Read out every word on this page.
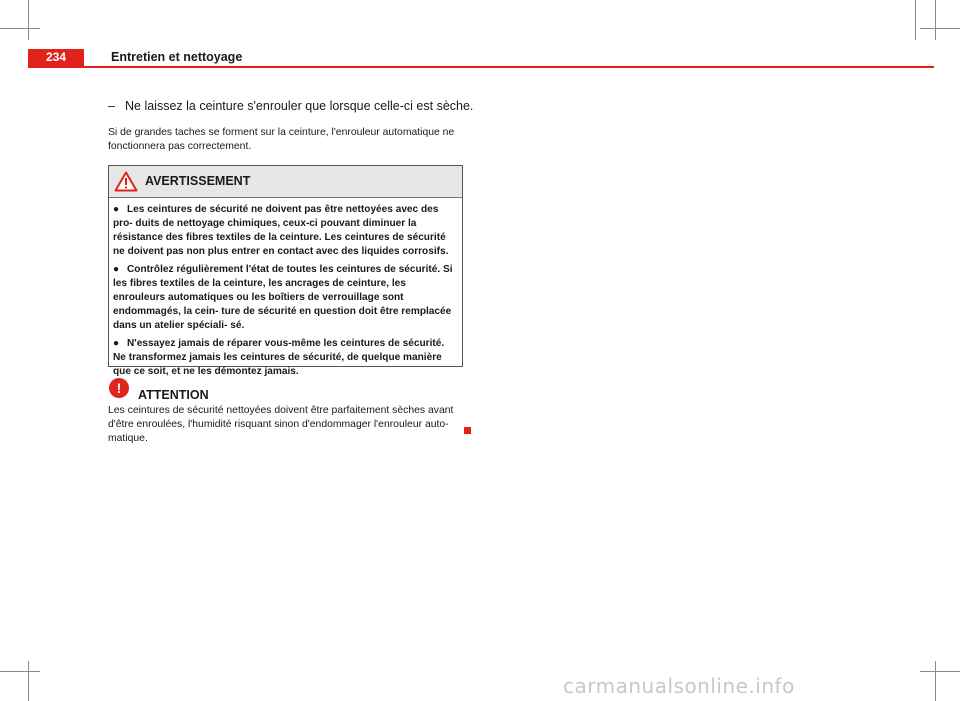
234	Entretien et nettoyage
– Ne laissez la ceinture s'enrouler que lorsque celle-ci est sèche.
Si de grandes taches se forment sur la ceinture, l'enrouleur automatique ne fonctionnera pas correctement.
AVERTISSEMENT

● Les ceintures de sécurité ne doivent pas être nettoyées avec des pro- duits de nettoyage chimiques, ceux-ci pouvant diminuer la résistance des fibres textiles de la ceinture. Les ceintures de sécurité ne doivent pas non plus entrer en contact avec des liquides corrosifs.

● Contrôlez régulièrement l'état de toutes les ceintures de sécurité. Si les fibres textiles de la ceinture, les ancrages de ceinture, les enrouleurs automatiques ou les boîtiers de verrouillage sont endommagés, la cein- ture de sécurité en question doit être remplacée dans un atelier spéciali- sé.

● N'essayez jamais de réparer vous-même les ceintures de sécurité. Ne transformez jamais les ceintures de sécurité, de quelque manière que ce soit, et ne les démontez jamais.

!	ATTENTION
Les ceintures de sécurité nettoyées doivent être parfaitement sèches avant d'être enroulées, l'humidité risquant sinon d'endommager l'enrouleur auto- matique.
carmanualsonline.info
